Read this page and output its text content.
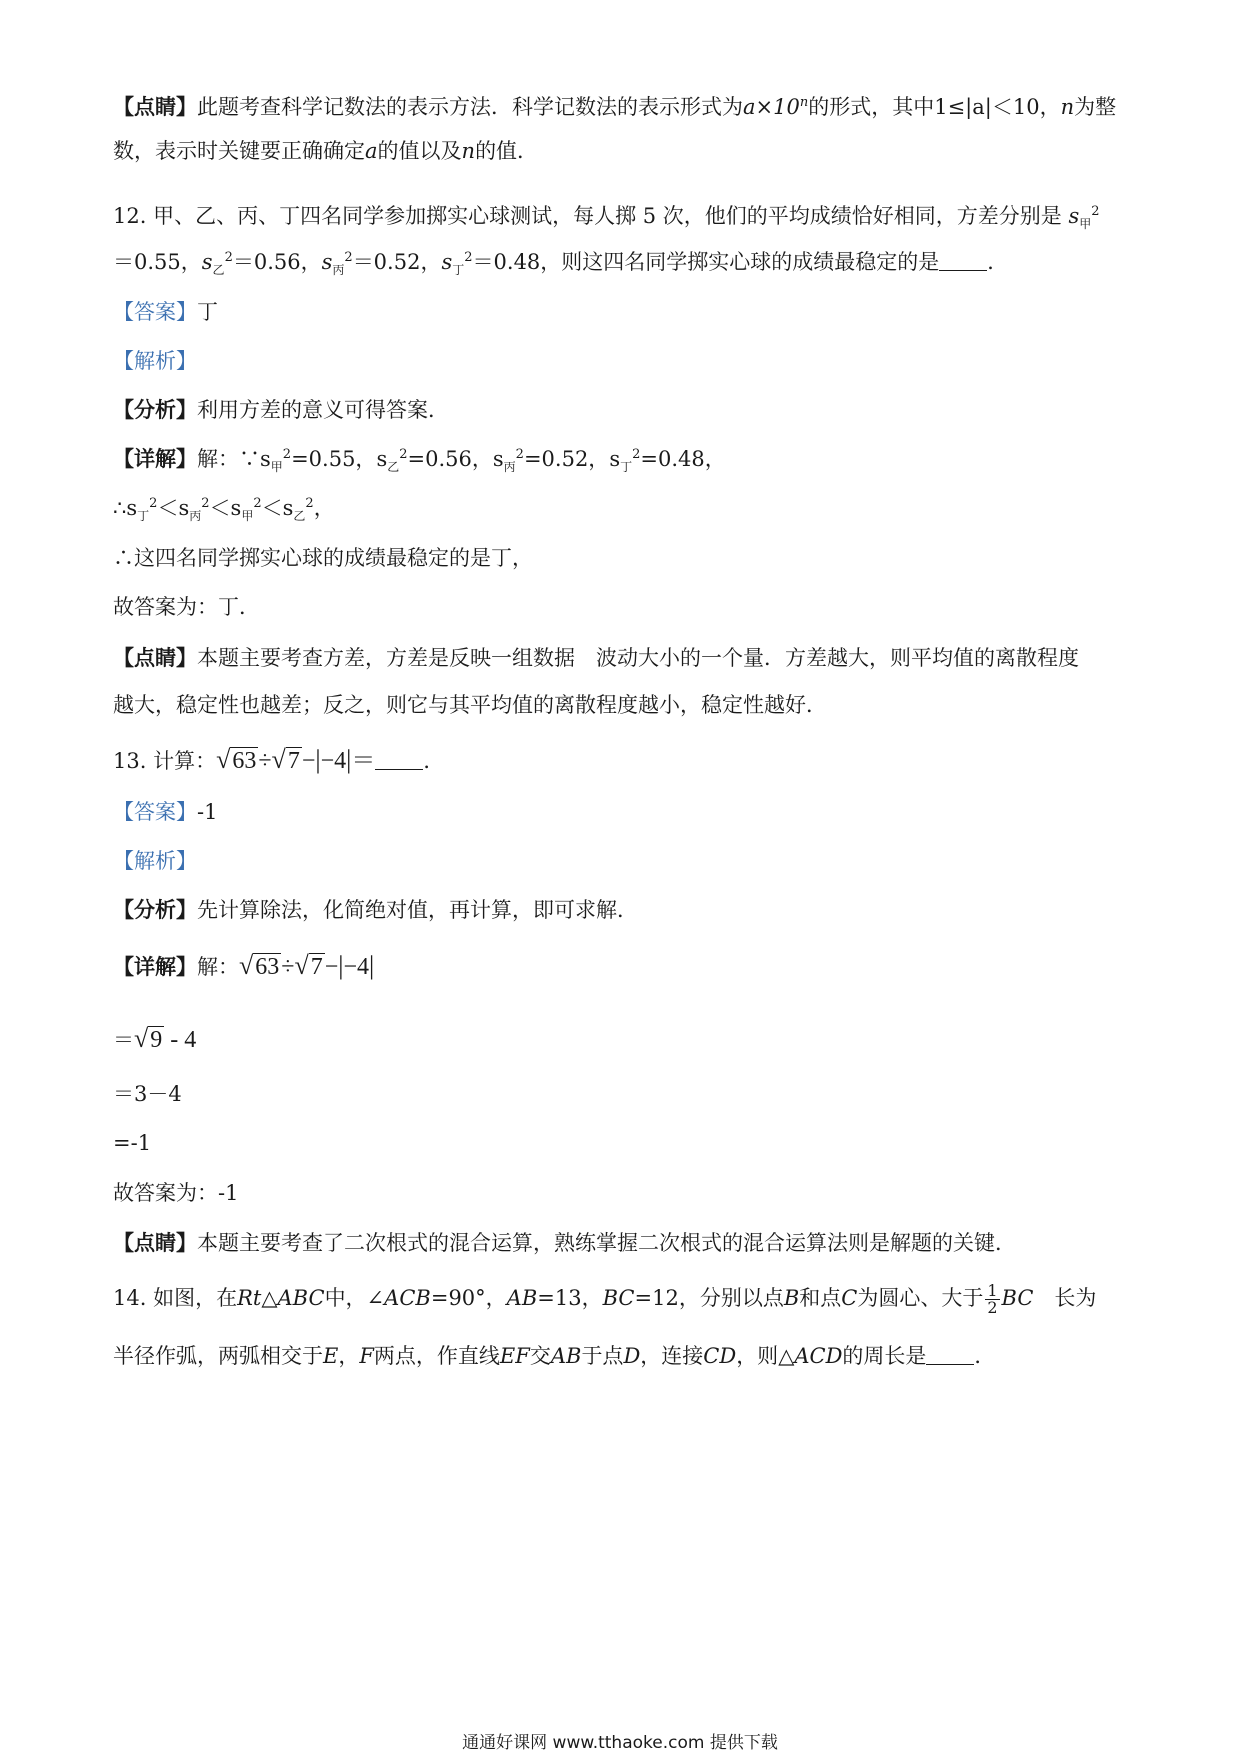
【点睛】此题考查科学记数法的表示方法．科学记数法的表示形式为$a\times 10^n$的形式，其中1≤|a|＜10，n为整
数，表示时关键要正确确定a的值以及n的值．
12. 甲、乙、丙、丁四名同学参加掷实心球测试，每人掷 5 次，他们的平均成绩恰好相同，方差分别是 $s_甲^2$
＝0.55，$s_乙^2=0.56$，$s_丙^2=0.52$，$s_丁^2=0.48$，则这四名同学掷实心球的成绩最稳定的是 ．
【答案】丁
【解析】
【分析】利用方差的意义可得答案．
【详解】解：$\because s_甲^2=0.55$，$s_乙^2=0.56$，$s_丙^2=0.52$，$s_丁^2=0.48$，
$\therefore s_丁^2<s_丙^2<s_甲^2<s_乙^2$，
∴这四名同学掷实心球的成绩最稳定的是丁，
故答案为：丁．
【点睛】本题主要考查方差，方差是反映一组数据　波动大小的一个量．方差越大，则平均值的离散程度
越大，稳定性也越差；反之，则它与其平均值的离散程度越小，稳定性越好．
13. 计算：√63÷√7−|−4|＝ ．
【答案】-1
【解析】
【分析】先计算除法，化简绝对值，再计算，即可求解．
【详解】解：√63÷√7−|−4|
＝√9 - 4
＝3－4
=-1
故答案为：-1
【点睛】本题主要考查了二次根式的混合运算，熟练掌握二次根式的混合运算法则是解题的关键．
14. 如图，在Rt△ABC中，∠ACB=90°，AB=13，BC=12，分别以点B和点C为圆心、大于 $\frac{1}{2}$ BC　长为
半径作弧，两弧相交于E，F两点，作直线EF交AB于点D，连接CD，则△ACD的周长是 ．
通通好课网 www.tthaoke.com 提供下载
